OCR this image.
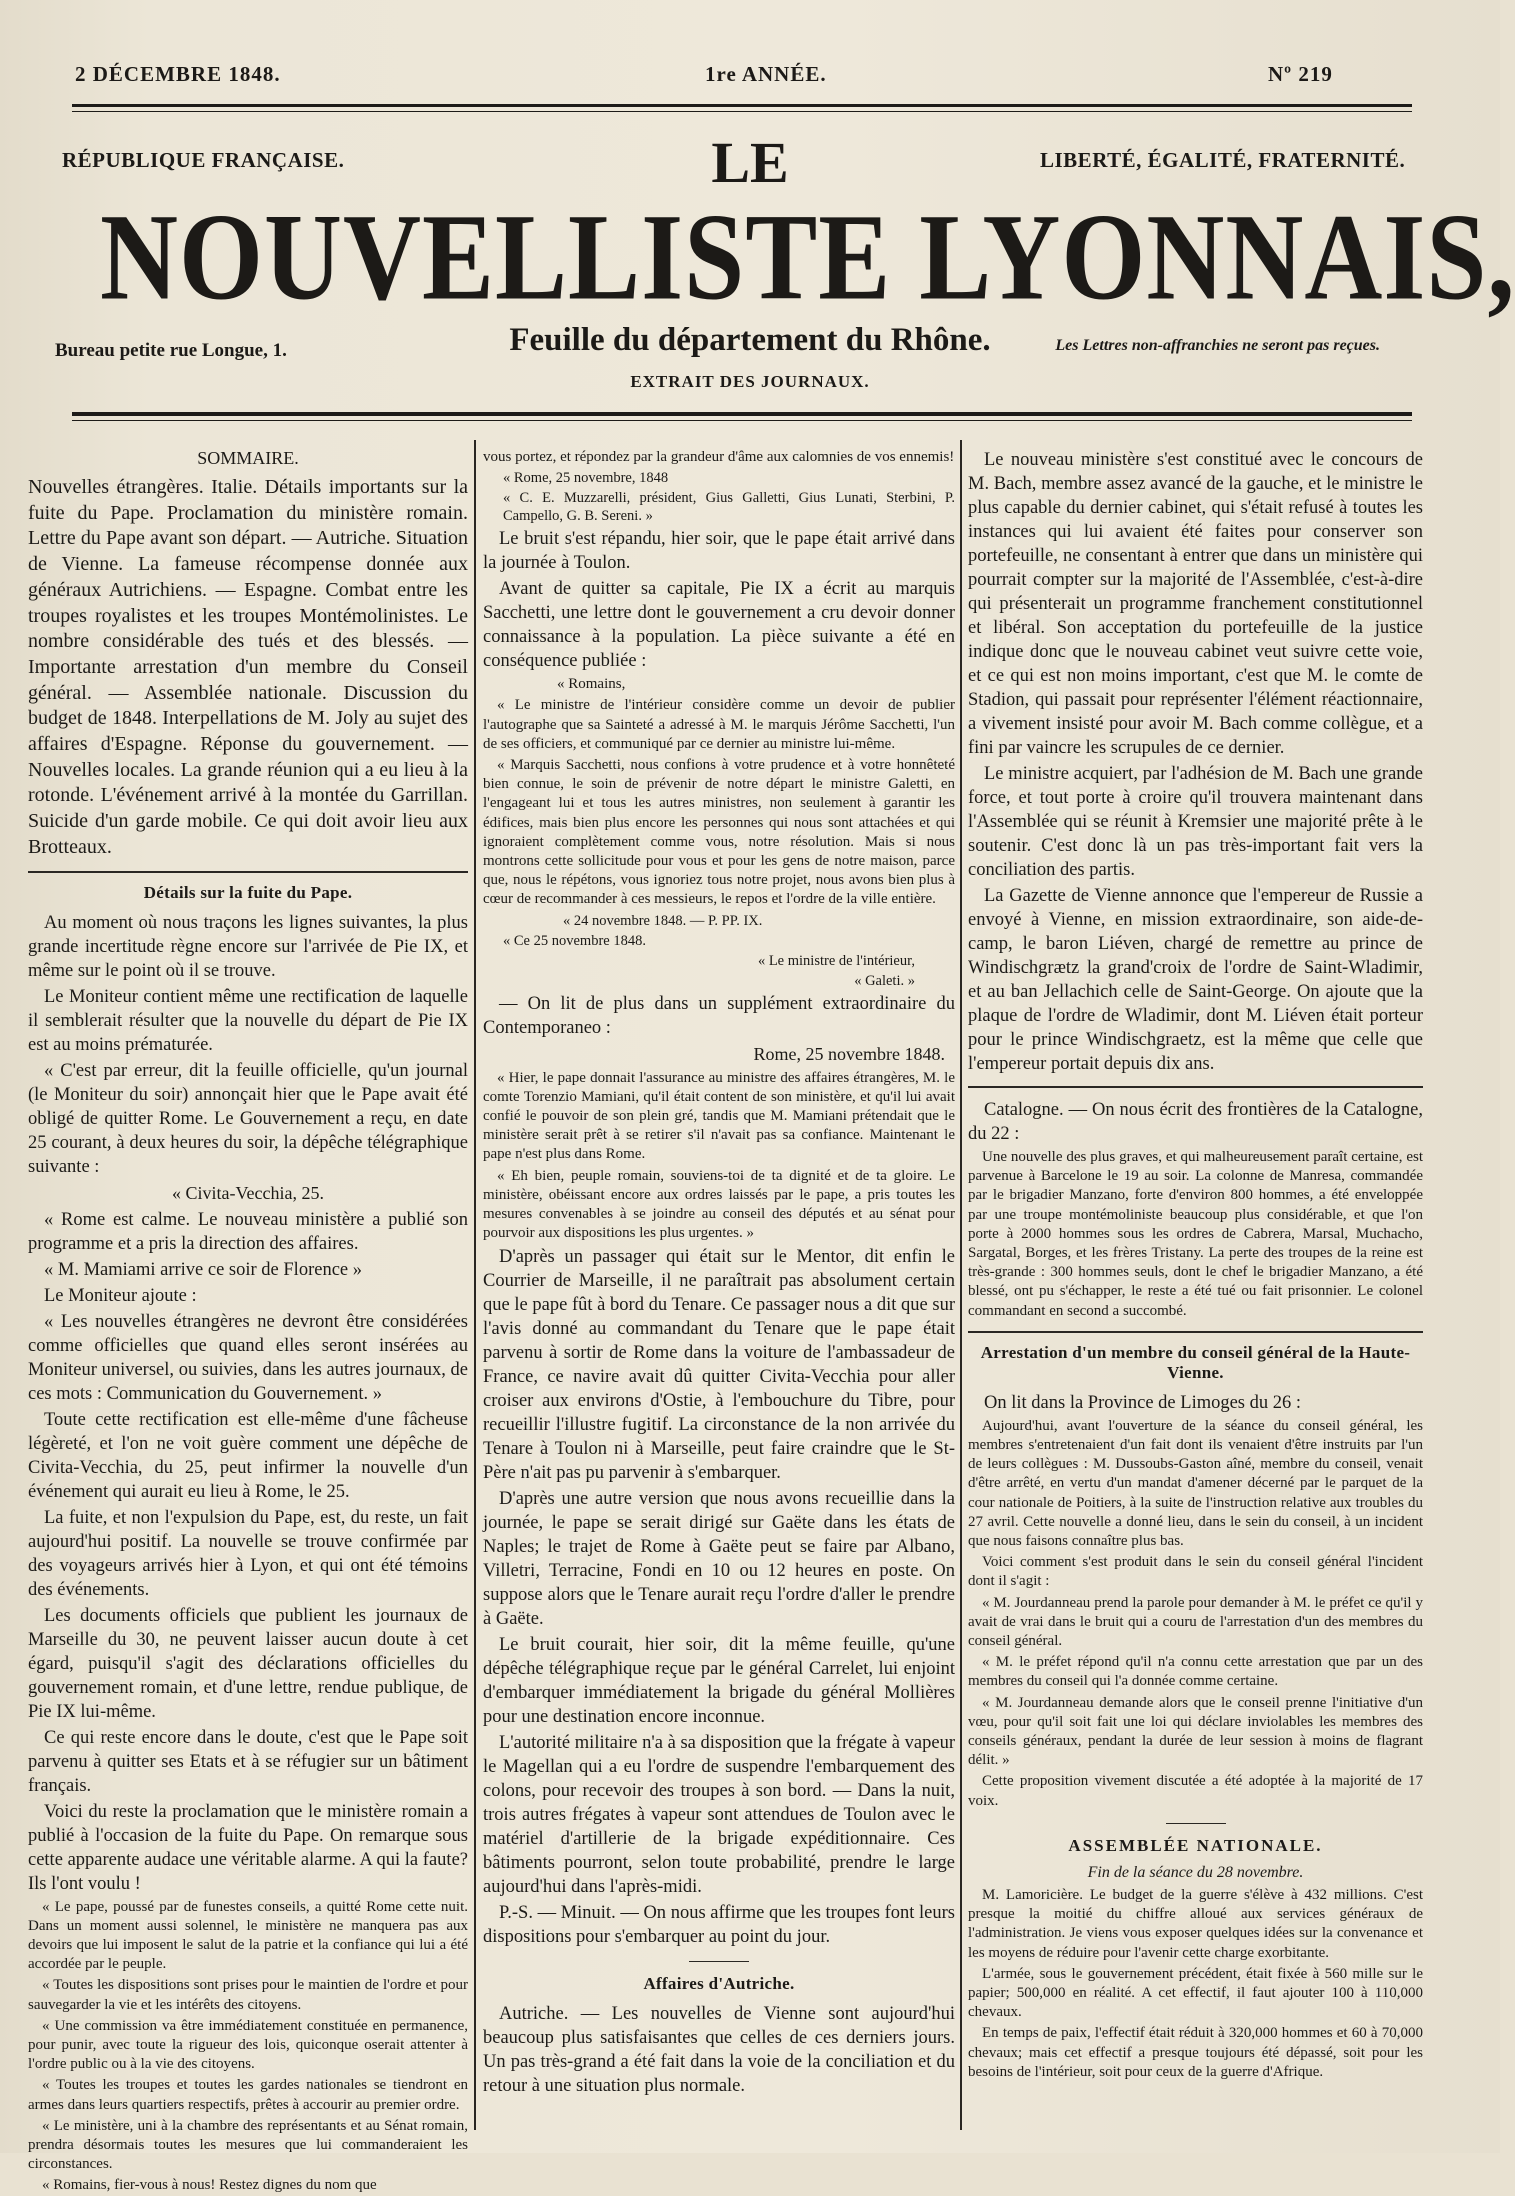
2 DÉCEMBRE 1848.	1re ANNÉE.	Nº 219
RÉPUBLIQUE FRANÇAISE.	LIBERTÉ, ÉGALITÉ, FRATERNITÉ.
LE
NOUVELLISTE LYONNAIS,
Bureau petite rue Longue, 1.	Feuille du département du Rhône.	Les Lettres non-affranchies ne seront pas reçues.
EXTRAIT DES JOURNAUX.
SOMMAIRE.

Nouvelles étrangères. Italie. Détails importants sur la fuite du Pape. Proclamation du ministère romain. Lettre du Pape avant son départ. — Autriche. Situation de Vienne. La fameuse récompense donnée aux généraux Autrichiens. — Espagne. Combat entre les troupes royalistes et les troupes Montémolinistes. Le nombre considérable des tués et des blessés. — Importante arrestation d'un membre du Conseil général. — Assemblée nationale. Discussion du budget de 1848. Interpellations de M. Joly au sujet des affaires d'Espagne. Réponse du gouvernement. — Nouvelles locales. La grande réunion qui a eu lieu à la rotonde. L'événement arrivé à la montée du Garrillan. Suicide d'un garde mobile. Ce qui doit avoir lieu aux Brotteaux.

Détails sur la fuite du Pape.

Au moment où nous traçons les lignes suivantes, la plus grande incertitude règne encore sur l'arrivée de Pie IX, et même sur le point où il se trouve.

Le Moniteur contient même une rectification de laquelle il semblerait résulter que la nouvelle du départ de Pie IX est au moins prématurée.

« C'est par erreur, dit la feuille officielle, qu'un journal (le Moniteur du soir) annonçait hier que le Pape avait été obligé de quitter Rome. Le Gouvernement a reçu, en date 25 courant, à deux heures du soir, la dépêche télégraphique suivante :

« Civita-Vecchia, 25.

« Rome est calme. Le nouveau ministère a publié son programme et a pris la direction des affaires.

« M. Mamiami arrive ce soir de Florence »

Le Moniteur ajoute :

« Les nouvelles étrangères ne devront être considérées comme officielles que quand elles seront insérées au Moniteur universel, ou suivies, dans les autres journaux, de ces mots : Communication du Gouvernement. »

Toute cette rectification est elle-même d'une fâcheuse légèreté, et l'on ne voit guère comment une dépêche de Civita-Vecchia, du 25, peut infirmer la nouvelle d'un événement qui aurait eu lieu à Rome, le 25.

La fuite, et non l'expulsion du Pape, est, du reste, un fait aujourd'hui positif. La nouvelle se trouve confirmée par des voyageurs arrivés hier à Lyon, et qui ont été témoins des événements.

Les documents officiels que publient les journaux de Marseille du 30, ne peuvent laisser aucun doute à cet égard, puisqu'il s'agit des déclarations officielles du gouvernement romain, et d'une lettre, rendue publique, de Pie IX lui-même.

Ce qui reste encore dans le doute, c'est que le Pape soit parvenu à quitter ses Etats et à se réfugier sur un bâtiment français.

Voici du reste la proclamation que le ministère romain a publié à l'occasion de la fuite du Pape. On remarque sous cette apparente audace une véritable alarme. A qui la faute? Ils l'ont voulu !

« Le pape, poussé par de funestes conseils, a quitté Rome cette nuit. Dans un moment aussi solennel, le ministère ne manquera pas aux devoirs que lui imposent le salut de la patrie et la confiance qui lui a été accordée par le peuple.

« Toutes les dispositions sont prises pour le maintien de l'ordre et pour sauvegarder la vie et les intérêts des citoyens.

« Une commission va être immédiatement constituée en permanence, pour punir, avec toute la rigueur des lois, quiconque oserait attenter à l'ordre public ou à la vie des citoyens.

« Toutes les troupes et toutes les gardes nationales se tiendront en armes dans leurs quartiers respectifs, prêtes à accourir au premier ordre.

« Le ministère, uni à la chambre des représentants et au Sénat romain, prendra désormais toutes les mesures que lui commanderaient les circonstances.

« Romains, fier-vous à nous! Restez dignes du nom que

vous portez, et répondez par la grandeur d'âme aux calomnies de vos ennemis!

« Rome, 25 novembre, 1848

« C. E. Muzzarelli, président, Gius Galletti, Gius Lunati, Sterbini, P. Campello, G. B. Sereni. »

Le bruit s'est répandu, hier soir, que le pape était arrivé dans la journée à Toulon.

Avant de quitter sa capitale, Pie IX a écrit au marquis Sacchetti, une lettre dont le gouvernement a cru devoir donner connaissance à la population. La pièce suivante a été en conséquence publiée :

« Romains,

« Le ministre de l'intérieur considère comme un devoir de publier l'autographe que sa Sainteté a adressé à M. le marquis Jérôme Sacchetti, l'un de ses officiers, et communiqué par ce dernier au ministre lui-même.

« Marquis Sacchetti, nous confions à votre prudence et à votre honnêteté bien connue, le soin de prévenir de notre départ le ministre Galetti, en l'engageant lui et tous les autres ministres, non seulement à garantir les édifices, mais bien plus encore les personnes qui nous sont attachées et qui ignoraient complètement comme vous, notre résolution. Mais si nous montrons cette sollicitude pour vous et pour les gens de notre maison, parce que, nous le répétons, vous ignoriez tous notre projet, nous avons bien plus à cœur de recommander à ces messieurs, le repos et l'ordre de la ville entière.

« 24 novembre 1848. — P. PP. IX.

« Ce 25 novembre 1848.

« Le ministre de l'intérieur,

« Galeti. »

— On lit de plus dans un supplément extraordinaire du Contemporaneo :

Rome, 25 novembre 1848.

« Hier, le pape donnait l'assurance au ministre des affaires étrangères, M. le comte Torenzio Mamiani, qu'il était content de son ministère, et qu'il lui avait confié le pouvoir de son plein gré, tandis que M. Mamiani prétendait que le ministère serait prêt à se retirer s'il n'avait pas sa confiance. Maintenant le pape n'est plus dans Rome.

« Eh bien, peuple romain, souviens-toi de ta dignité et de ta gloire. Le ministère, obéissant encore aux ordres laissés par le pape, a pris toutes les mesures convenables à se joindre au conseil des députés et au sénat pour pourvoir aux dispositions les plus urgentes. »

D'après un passager qui était sur le Mentor, dit enfin le Courrier de Marseille, il ne paraîtrait pas absolument certain que le pape fût à bord du Tenare. Ce passager nous a dit que sur l'avis donné au commandant du Tenare que le pape était parvenu à sortir de Rome dans la voiture de l'ambassadeur de France, ce navire avait dû quitter Civita-Vecchia pour aller croiser aux environs d'Ostie, à l'embouchure du Tibre, pour recueillir l'illustre fugitif. La circonstance de la non arrivée du Tenare à Toulon ni à Marseille, peut faire craindre que le St-Père n'ait pas pu parvenir à s'embarquer.

D'après une autre version que nous avons recueillie dans la journée, le pape se serait dirigé sur Gaëte dans les états de Naples; le trajet de Rome à Gaëte peut se faire par Albano, Villetri, Terracine, Fondi en 10 ou 12 heures en poste. On suppose alors que le Tenare aurait reçu l'ordre d'aller le prendre à Gaëte.

Le bruit courait, hier soir, dit la même feuille, qu'une dépêche télégraphique reçue par le général Carrelet, lui enjoint d'embarquer immédiatement la brigade du général Mollières pour une destination encore inconnue.

L'autorité militaire n'a à sa disposition que la frégate à vapeur le Magellan qui a eu l'ordre de suspendre l'embarquement des colons, pour recevoir des troupes à son bord. — Dans la nuit, trois autres frégates à vapeur sont attendues de Toulon avec le matériel d'artillerie de la brigade expéditionnaire. Ces bâtiments pourront, selon toute probabilité, prendre le large aujourd'hui dans l'après-midi.

P.-S. — Minuit. — On nous affirme que les troupes font leurs dispositions pour s'embarquer au point du jour.

Affaires d'Autriche.

Autriche. — Les nouvelles de Vienne sont aujourd'hui beaucoup plus satisfaisantes que celles de ces derniers jours. Un pas très-grand a été fait dans la voie de la conciliation et du retour à une situation plus normale.

Le nouveau ministère s'est constitué avec le concours de M. Bach, membre assez avancé de la gauche, et le ministre le plus capable du dernier cabinet, qui s'était refusé à toutes les instances qui lui avaient été faites pour conserver son portefeuille, ne consentant à entrer que dans un ministère qui pourrait compter sur la majorité de l'Assemblée, c'est-à-dire qui présenterait un programme franchement constitutionnel et libéral. Son acceptation du portefeuille de la justice indique donc que le nouveau cabinet veut suivre cette voie, et ce qui est non moins important, c'est que M. le comte de Stadion, qui passait pour représenter l'élément réactionnaire, a vivement insisté pour avoir M. Bach comme collègue, et a fini par vaincre les scrupules de ce dernier.

Le ministre acquiert, par l'adhésion de M. Bach une grande force, et tout porte à croire qu'il trouvera maintenant dans l'Assemblée qui se réunit à Kremsier une majorité prête à le soutenir. C'est donc là un pas très-important fait vers la conciliation des partis.

La Gazette de Vienne annonce que l'empereur de Russie a envoyé à Vienne, en mission extraordinaire, son aide-de-camp, le baron Liéven, chargé de remettre au prince de Windischgrætz la grand'croix de l'ordre de Saint-Wladimir, et au ban Jellachich celle de Saint-George. On ajoute que la plaque de l'ordre de Wladimir, dont M. Liéven était porteur pour le prince Windischgraetz, est la même que celle que l'empereur portait depuis dix ans.

Catalogne. — On nous écrit des frontières de la Catalogne, du 22 :

Une nouvelle des plus graves, et qui malheureusement paraît certaine, est parvenue à Barcelone le 19 au soir. La colonne de Manresa, commandée par le brigadier Manzano, forte d'environ 800 hommes, a été enveloppée par une troupe montémoliniste beaucoup plus considérable, et que l'on porte à 2000 hommes sous les ordres de Cabrera, Marsal, Muchacho, Sargatal, Borges, et les frères Tristany. La perte des troupes de la reine est très-grande : 300 hommes seuls, dont le chef le brigadier Manzano, a été blessé, ont pu s'échapper, le reste a été tué ou fait prisonnier. Le colonel commandant en second a succombé.

Arrestation d'un membre du conseil général de la Haute-Vienne.

On lit dans la Province de Limoges du 26 :

Aujourd'hui, avant l'ouverture de la séance du conseil général, les membres s'entretenaient d'un fait dont ils venaient d'être instruits par l'un de leurs collègues : M. Dussoubs-Gaston aîné, membre du conseil, venait d'être arrêté, en vertu d'un mandat d'amener décerné par le parquet de la cour nationale de Poitiers, à la suite de l'instruction relative aux troubles du 27 avril. Cette nouvelle a donné lieu, dans le sein du conseil, à un incident que nous faisons connaître plus bas.

Voici comment s'est produit dans le sein du conseil général l'incident dont il s'agit :

« M. Jourdanneau prend la parole pour demander à M. le préfet ce qu'il y avait de vrai dans le bruit qui a couru de l'arrestation d'un des membres du conseil général.

« M. le préfet répond qu'il n'a connu cette arrestation que par un des membres du conseil qui l'a donnée comme certaine.

« M. Jourdanneau demande alors que le conseil prenne l'initiative d'un vœu, pour qu'il soit fait une loi qui déclare inviolables les membres des conseils généraux, pendant la durée de leur session à moins de flagrant délit. »

Cette proposition vivement discutée a été adoptée à la majorité de 17 voix.

ASSEMBLÉE NATIONALE.

Fin de la séance du 28 novembre.

M. Lamoricière. Le budget de la guerre s'élève à 432 millions. C'est presque la moitié du chiffre alloué aux services généraux de l'administration. Je viens vous exposer quelques idées sur la convenance et les moyens de réduire pour l'avenir cette charge exorbitante.

L'armée, sous le gouvernement précédent, était fixée à 560 mille sur le papier; 500,000 en réalité. A cet effectif, il faut ajouter 100 à 110,000 chevaux.

En temps de paix, l'effectif était réduit à 320,000 hommes et 60 à 70,000 chevaux; mais cet effectif a presque toujours été dépassé, soit pour les besoins de l'intérieur, soit pour ceux de la guerre d'Afrique.
